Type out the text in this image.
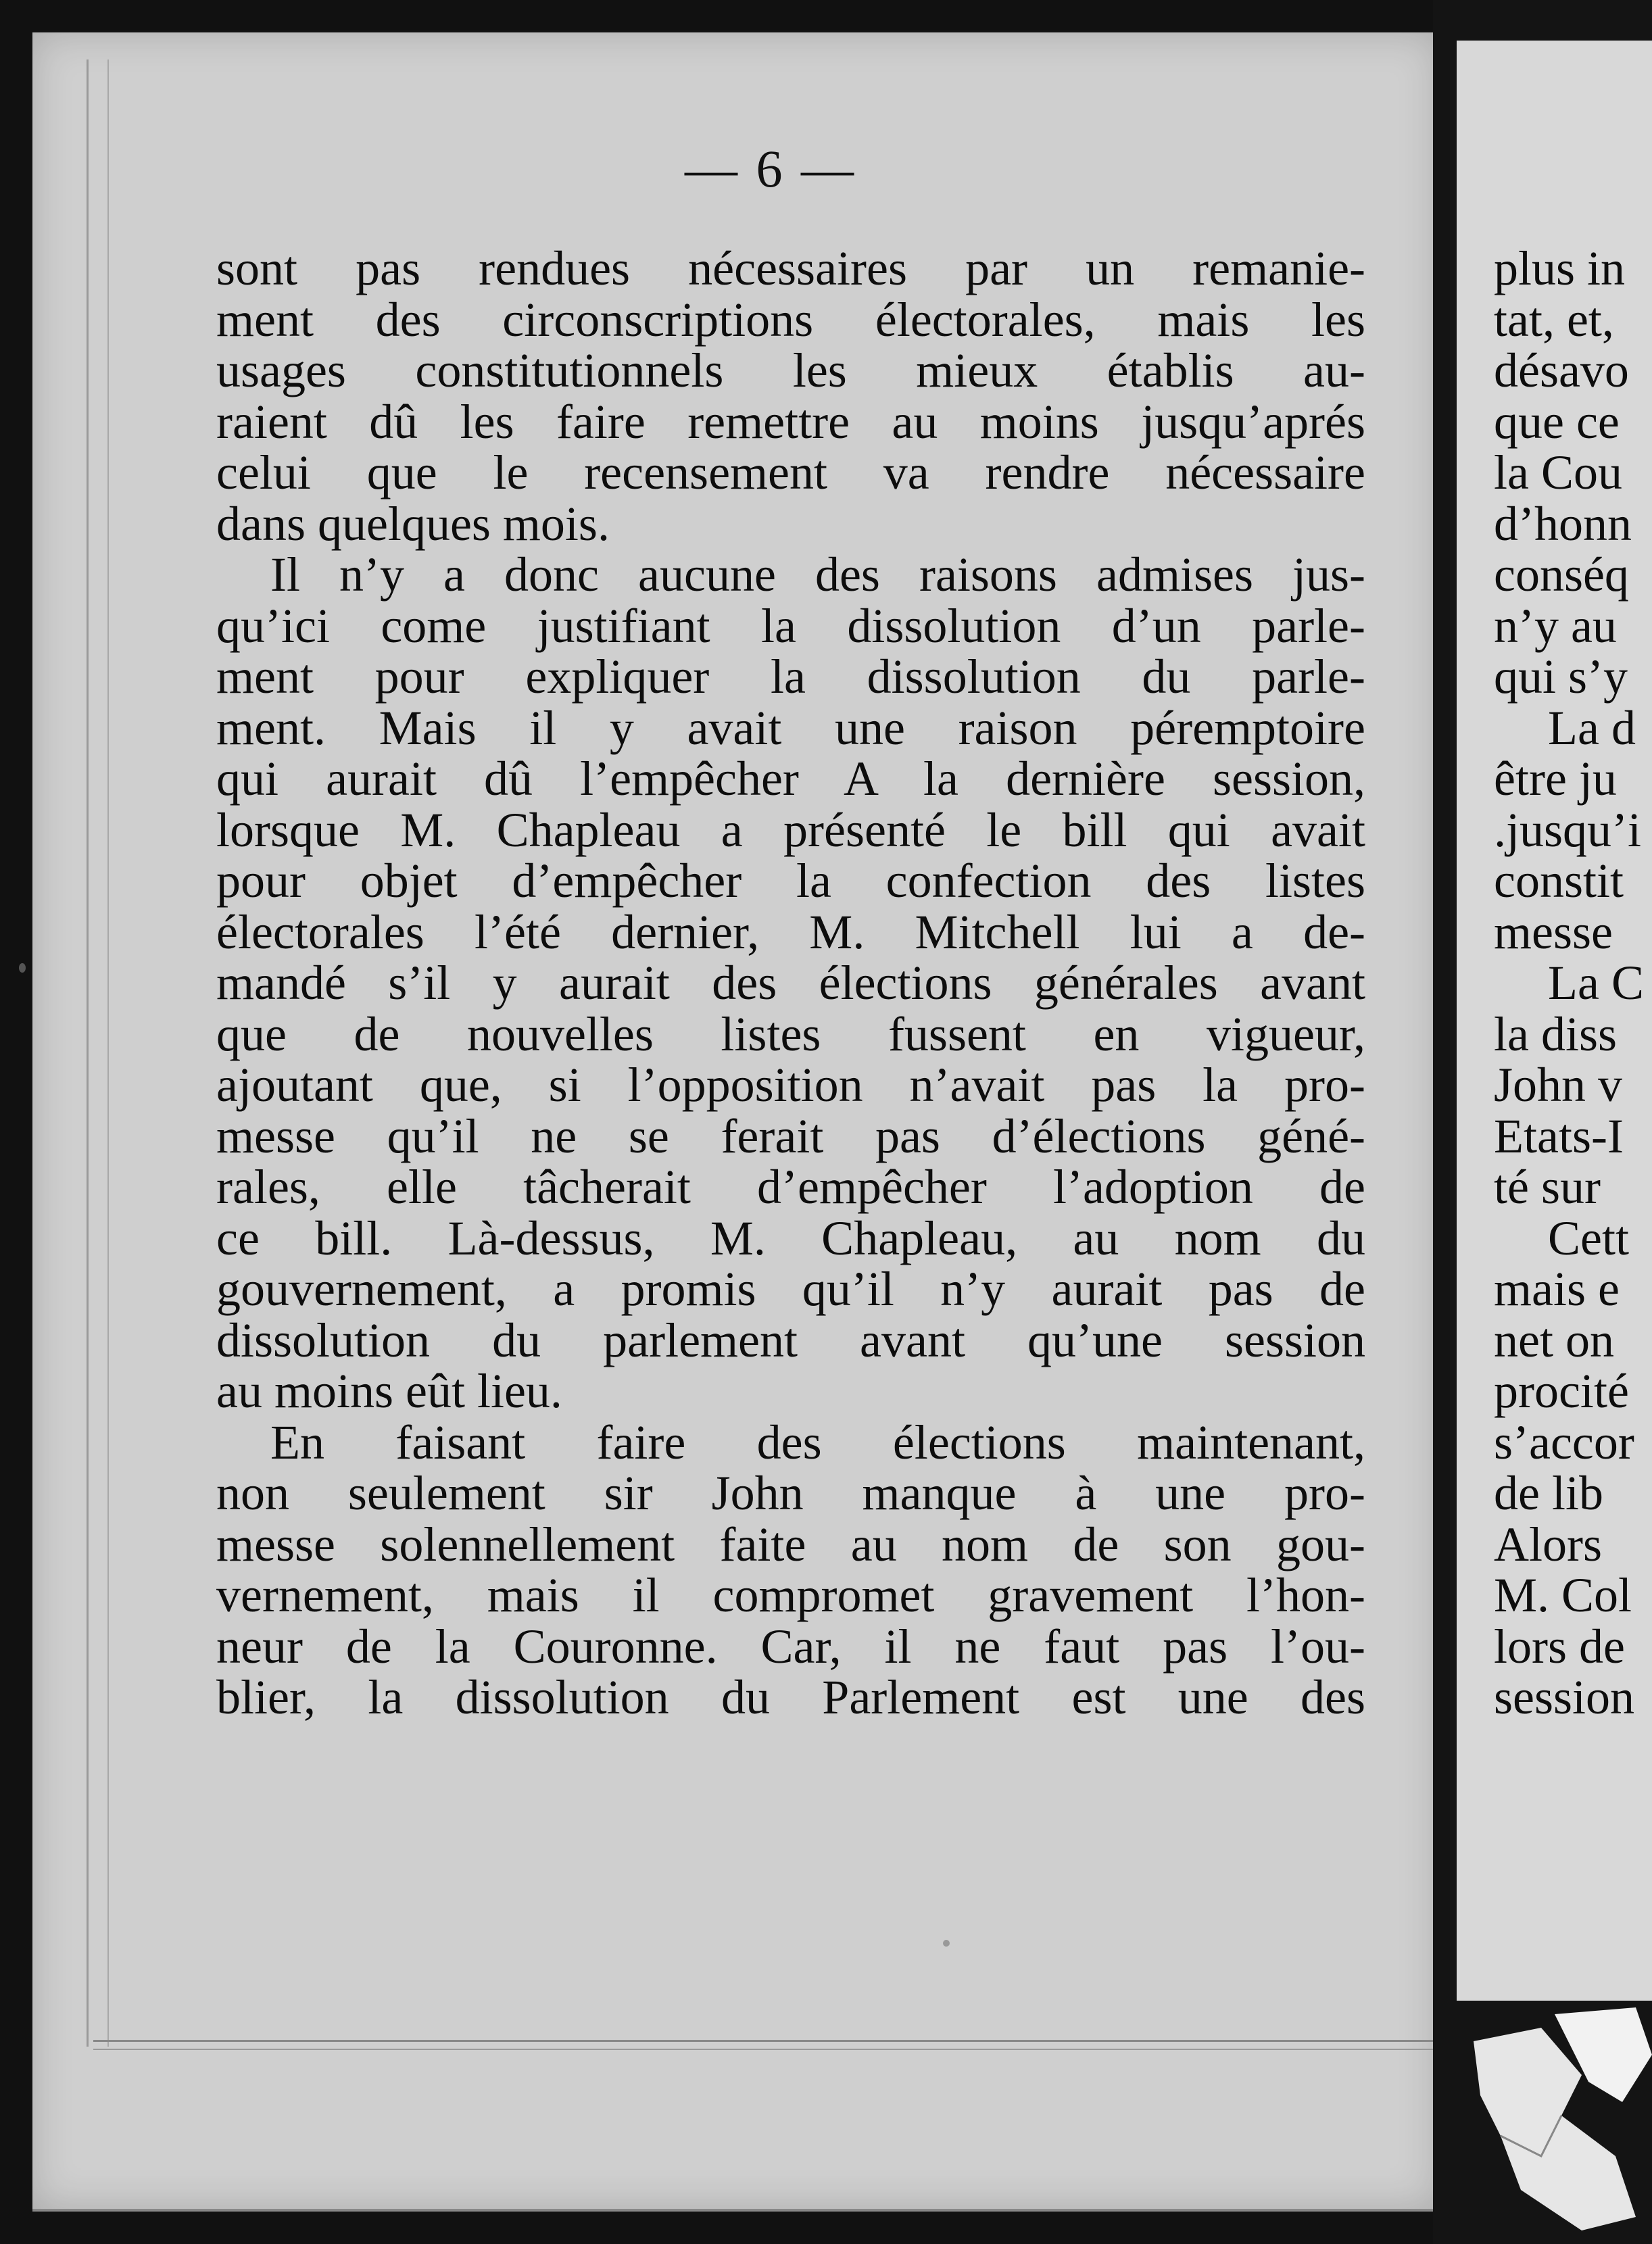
— 6 —
sont pas rendues nécessaires par un remanie-
ment des circonscriptions électorales, mais les
usages constitutionnels les mieux établis au-
raient dû les faire remettre au moins jusqu’aprés
celui que le recensement va rendre nécessaire
dans quelques mois.
Il n’y a donc aucune des raisons admises jus-
qu’ici come justifiant la dissolution d’un parle-
ment pour expliquer la dissolution du parle-
ment. Mais il y avait une raison péremptoire
qui aurait dû l’empêcher A la dernière session,
lorsque M. Chapleau a présenté le bill qui avait
pour objet d’empêcher la confection des listes
électorales l’été dernier, M. Mitchell lui a de-
mandé s’il y aurait des élections générales avant
que de nouvelles listes fussent en vigueur,
ajoutant que, si l’opposition n’avait pas la pro-
messe qu’il ne se ferait pas d’élections géné-
rales, elle tâcherait d’empêcher l’adoption de
ce bill. Là-dessus, M. Chapleau, au nom du
gouvernement, a promis qu’il n’y aurait pas de
dissolution du parlement avant qu’une session
au moins eût lieu.
En faisant faire des élections maintenant,
non seulement sir John manque à une pro-
messe solennellement faite au nom de son gou-
vernement, mais il compromet gravement l’hon-
neur de la Couronne. Car, il ne faut pas l’ou-
blier, la dissolution du Parlement est une des
plus in
tat, et,
désavo
que ce
la Cou
d’honn
conséq
n’y au
qui s’y
La d
être ju
.jusqu’i
constit
messe
La C
la diss
John v
Etats-I
té sur
Cett
mais e
net on
procité
s’accor
de lib
Alors
M. Col
lors de
session
